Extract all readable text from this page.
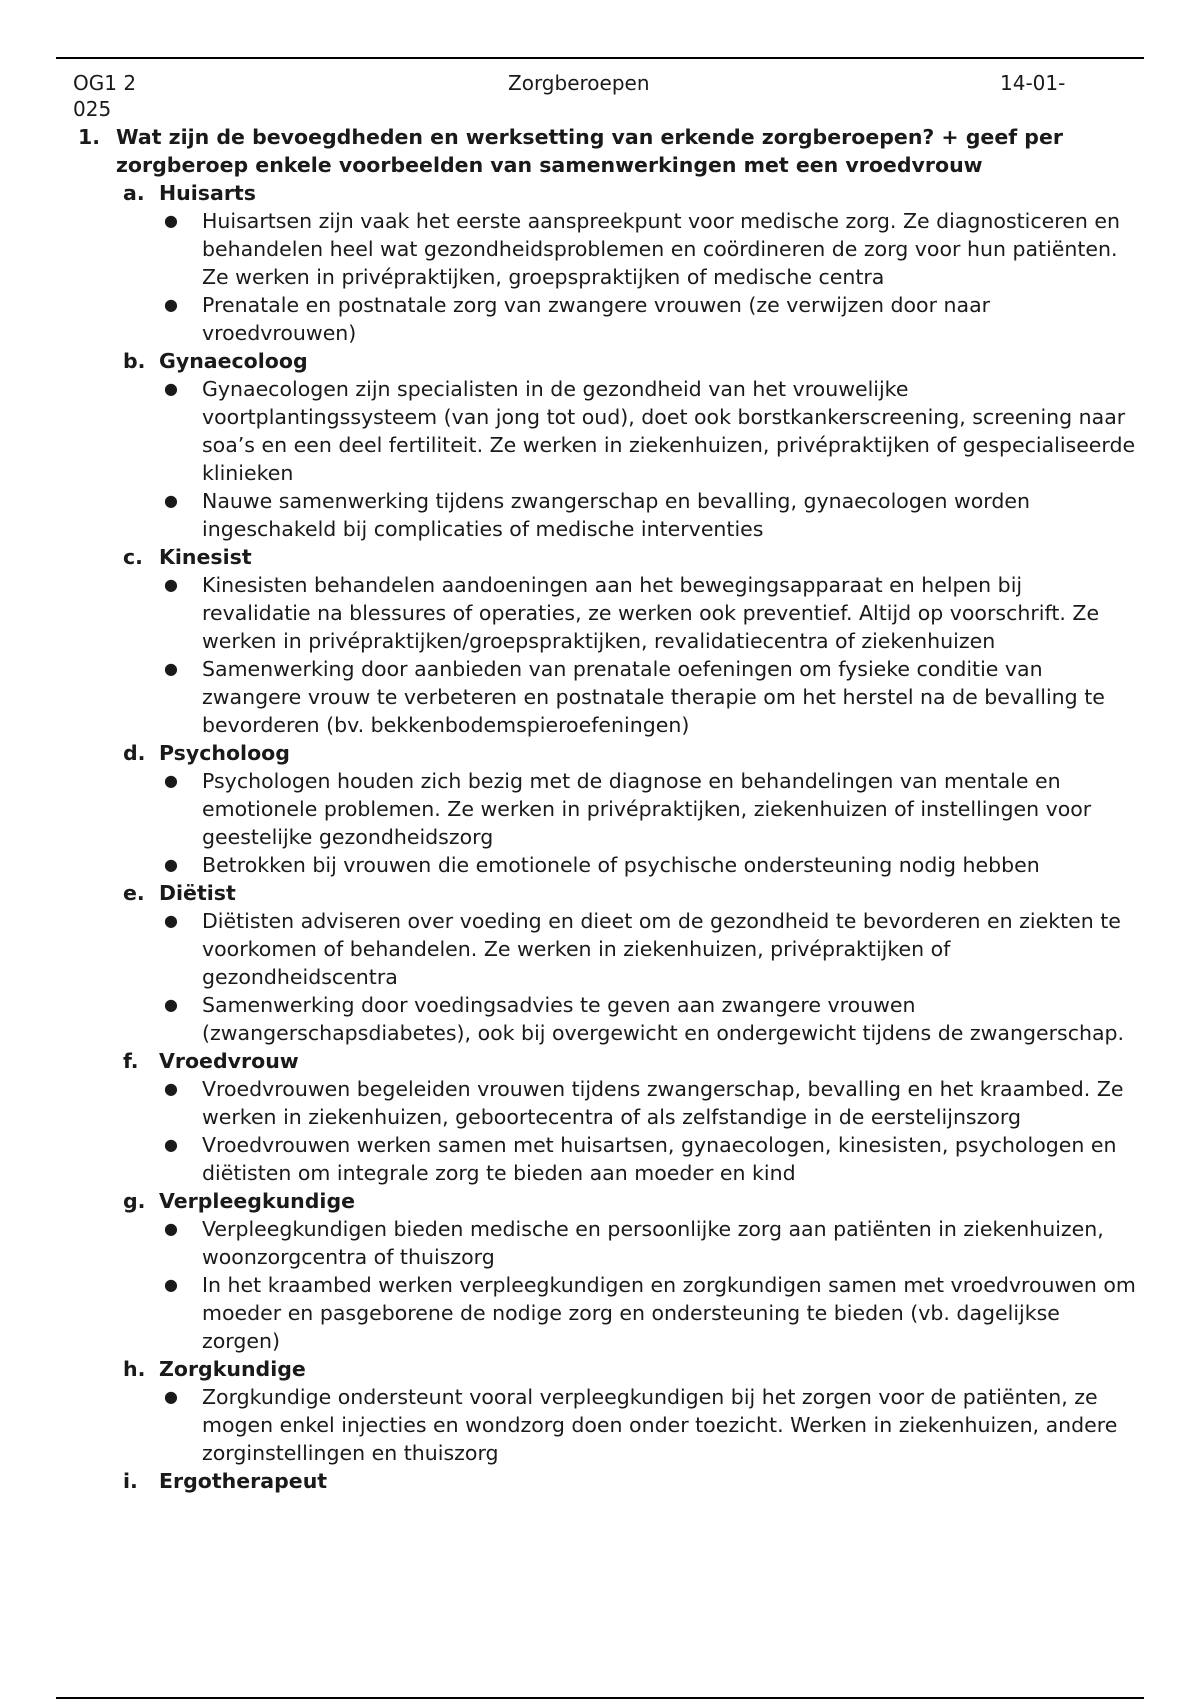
OG1 2025
Zorgberoepen	14-01-
1. Wat zijn de bevoegdheden en werksetting van erkende zorgberoepen? + geef per zorgberoep enkele voorbeelden van samenwerkingen met een vroedvrouw
a. Huisarts
●	Huisartsen zijn vaak het eerste aanspreekpunt voor medische zorg. Ze diagnosticeren en behandelen heel wat gezondheidsproblemen en coördineren de zorg voor hun patiënten. Ze werken in privépraktijken, groepspraktijken of medische centra
●	Prenatale en postnatale zorg van zwangere vrouwen (ze verwijzen door naar vroedvrouwen)
b. Gynaecoloog
●	Gynaecologen zijn specialisten in de gezondheid van het vrouwelijke voortplantingssysteem (van jong tot oud), doet ook borstkankerscreening, screening naar soa’s en een deel fertiliteit. Ze werken in ziekenhuizen, privépraktijken of gespecialiseerde klinieken
●	Nauwe samenwerking tijdens zwangerschap en bevalling, gynaecologen worden ingeschakeld bij complicaties of medische interventies
c. Kinesist
●	Kinesisten behandelen aandoeningen aan het bewegingsapparaat en helpen bij revalidatie na blessures of operaties, ze werken ook preventief. Altijd op voorschrift. Ze werken in privépraktijken/groepspraktijken, revalidatiecentra of ziekenhuizen
●	Samenwerking door aanbieden van prenatale oefeningen om fysieke conditie van zwangere vrouw te verbeteren en postnatale therapie om het herstel na de bevalling te bevorderen (bv. bekkenbodemspieroefeningen)
d. Psycholoog
●	Psychologen houden zich bezig met de diagnose en behandelingen van mentale en emotionele problemen. Ze werken in privépraktijken, ziekenhuizen of instellingen voor geestelijke gezondheidszorg
●	Betrokken bij vrouwen die emotionele of psychische ondersteuning nodig hebben
e. Diëtist
●	Diëtisten adviseren over voeding en dieet om de gezondheid te bevorderen en ziekten te voorkomen of behandelen. Ze werken in ziekenhuizen, privépraktijken of gezondheidscentra
●	Samenwerking door voedingsadvies te geven aan zwangere vrouwen (zwangerschapsdiabetes), ook bij overgewicht en ondergewicht tijdens de zwangerschap.
f. Vroedvrouw
●	Vroedvrouwen begeleiden vrouwen tijdens zwangerschap, bevalling en het kraambed. Ze werken in ziekenhuizen, geboortecentra of als zelfstandige in de eerstelijnszorg
●	Vroedvrouwen werken samen met huisartsen, gynaecologen, kinesisten, psychologen en diëtisten om integrale zorg te bieden aan moeder en kind
g. Verpleegkundige
●	Verpleegkundigen bieden medische en persoonlijke zorg aan patiënten in ziekenhuizen, woonzorgcentra of thuiszorg
●	In het kraambed werken verpleegkundigen en zorgkundigen samen met vroedvrouwen om moeder en pasgeborene de nodige zorg en ondersteuning te bieden (vb. dagelijkse zorgen)
h. Zorgkundige
●	Zorgkundige ondersteunt vooral verpleegkundigen bij het zorgen voor de patiënten, ze mogen enkel injecties en wondzorg doen onder toezicht. Werken in ziekenhuizen, andere zorginstellingen en thuiszorg
i.	Ergotherapeut
